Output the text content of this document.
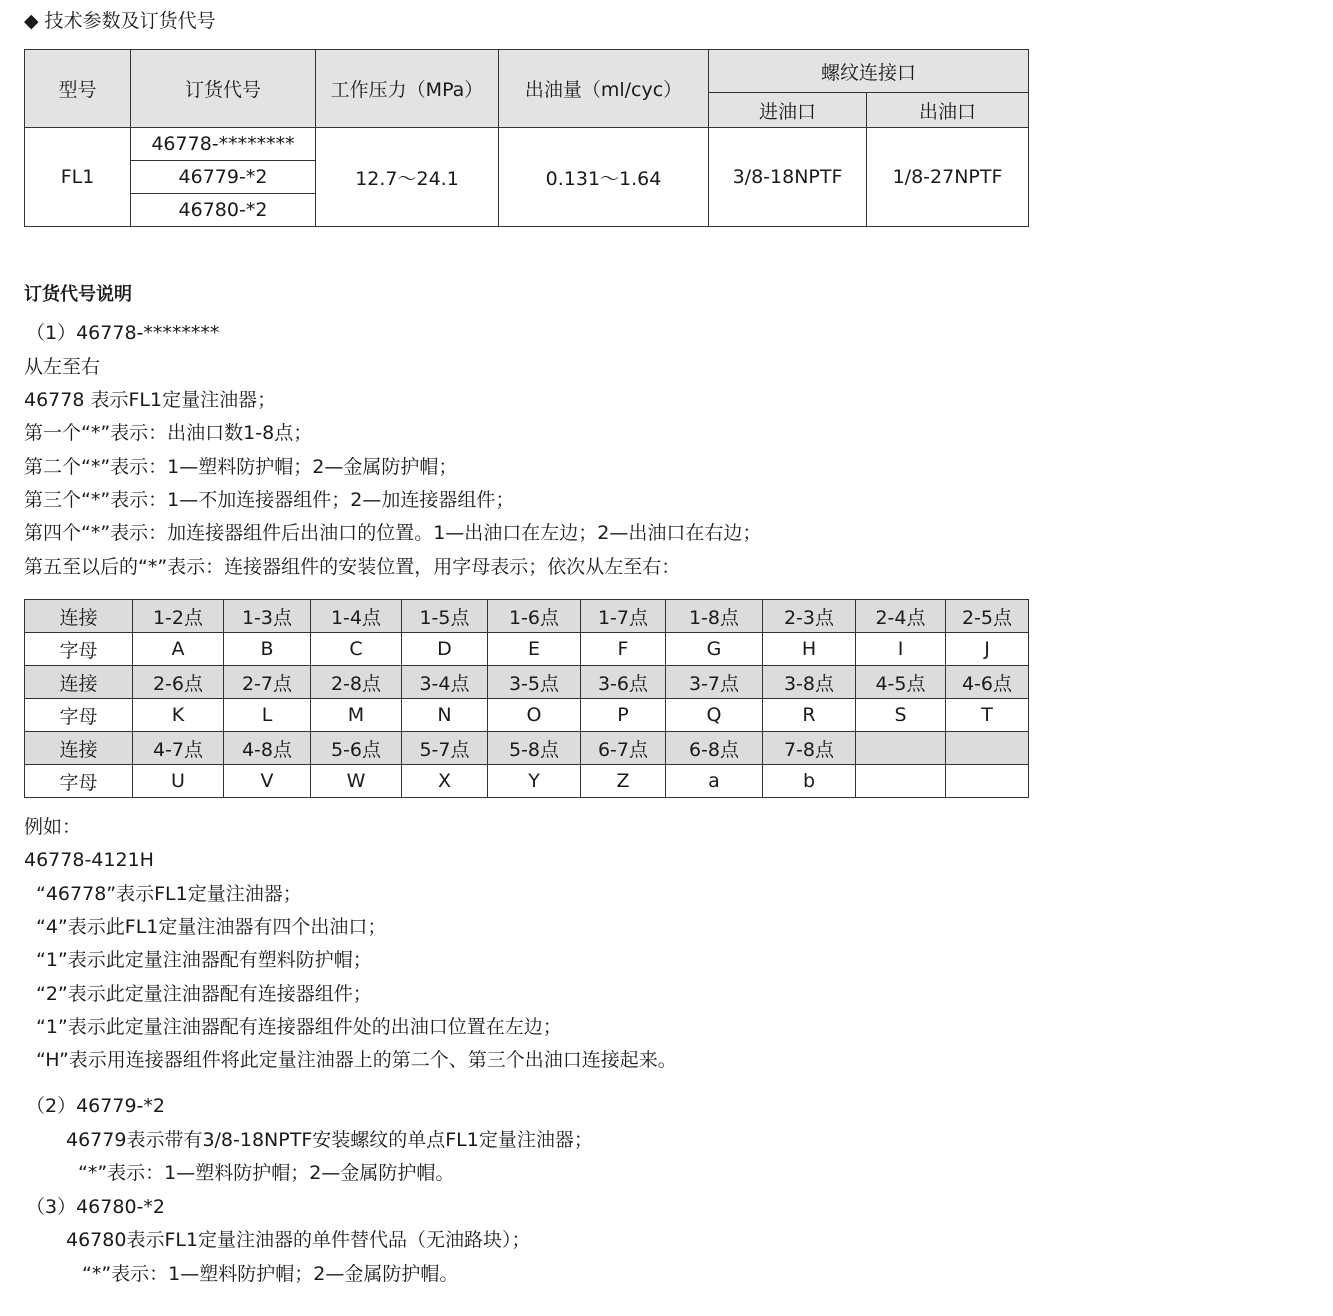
◆ 技术参数及订货代号
型号	订货代号	工作压力（MPa）	出油量（ml/cyc）	螺纹连接口	
				进油口	出油口
FL1	46778-********	12.7～24.1	0.131～1.64	3/8-18NPTF	1/8-27NPTF
	46779-*2				
	46780-*2				
订货代号说明
（1）46778-********
从左至右
46778 表示FL1定量注油器；
第一个“*”表示：出油口数1-8点；
第二个“*”表示：1—塑料防护帽；2—金属防护帽；
第三个“*”表示：1—不加连接器组件；2—加连接器组件；
第四个“*”表示：加连接器组件后出油口的位置。1—出油口在左边；2—出油口在右边；
第五至以后的“*”表示：连接器组件的安装位置，用字母表示；依次从左至右：
连接	1-2点	1-3点	1-4点	1-5点	1-6点	1-7点	1-8点	2-3点	2-4点	2-5点
字母	A	B	C	D	E	F	G	H	I	J
连接	2-6点	2-7点	2-8点	3-4点	3-5点	3-6点	3-7点	3-8点	4-5点	4-6点
字母	K	L	M	N	O	P	Q	R	S	T
连接	4-7点	4-8点	5-6点	5-7点	5-8点	6-7点	6-8点	7-8点		
字母	U	V	W	X	Y	Z	a	b		
例如：
46778-4121H
“46778”表示FL1定量注油器；
“4”表示此FL1定量注油器有四个出油口；
“1”表示此定量注油器配有塑料防护帽；
“2”表示此定量注油器配有连接器组件；
“1”表示此定量注油器配有连接器组件处的出油口位置在左边；
“H”表示用连接器组件将此定量注油器上的第二个、第三个出油口连接起来。
（2）46779-*2
46779表示带有3/8-18NPTF安装螺纹的单点FL1定量注油器；
“*”表示：1—塑料防护帽；2—金属防护帽。
（3）46780-*2
46780表示FL1定量注油器的单件替代品（无油路块）；
“*”表示：1—塑料防护帽；2—金属防护帽。
